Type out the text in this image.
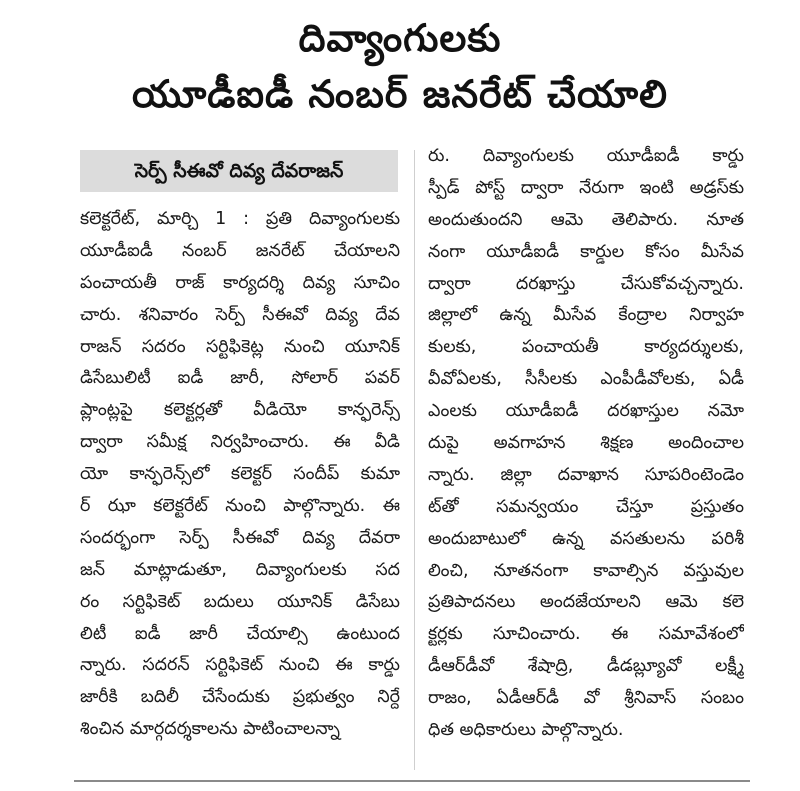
దివ్యాంగులకు
యూడీఐడీ నంబర్ జనరేట్ చేయాలి
సెర్ప్ సీఈవో దివ్య దేవరాజన్
కలెక్టరేట్, మార్చి 1 : ప్రతి దివ్యాంగులకు
యూడీఐడీ నంబర్ జనరేట్ చేయాలని
పంచాయతీ రాజ్ కార్యదర్శి దివ్య సూచిం
చారు. శనివారం సెర్ప్ సీఈవో దివ్య దేవ
రాజన్ సదరం సర్టిఫికెట్ల నుంచి యూనిక్
డిసేబులిటీ ఐడీ జారీ, సోలార్ పవర్
ప్లాంట్లపై కలెక్టర్లతో వీడియో కాన్ఫరెన్స్
ద్వారా సమీక్ష నిర్వహించారు. ఈ వీడి
యో కాన్ఫరెన్స్‌లో కలెక్టర్ సందీప్ కుమా
ర్ ఝా కలెక్టరేట్ నుంచి పాల్గొన్నారు. ఈ
సందర్భంగా సెర్ప్ సీఈవో దివ్య దేవరా
జన్ మాట్లాడుతూ, దివ్యాంగులకు సద
రం సర్టిఫికెట్ బదులు యూనిక్ డిసేబు
లిటీ ఐడీ జారీ చేయాల్సి ఉంటుంద
న్నారు. సదరన్ సర్టిఫికెట్ నుంచి ఈ కార్డు
జారీకి బదిలీ చేసేందుకు ప్రభుత్వం నిర్దే
శించిన మార్గదర్శకాలను పాటించాలన్నా
రు. దివ్యాంగులకు యూడీఐడీ కార్డు
స్పీడ్ పోస్ట్ ద్వారా నేరుగా ఇంటి అడ్రస్‌కు
అందుతుందని ఆమె తెలిపారు. నూత
నంగా యూడీఐడీ కార్డుల కోసం మీసేవ
ద్వారా దరఖాస్తు చేసుకోవచ్చన్నారు.
జిల్లాలో ఉన్న మీసేవ కేంద్రాల నిర్వాహ
కులకు, పంచాయతీ కార్యదర్శులకు,
వీవోఏలకు, సీసీలకు ఎంపీడీవోలకు, ఏడీ
ఎంలకు యూడీఐడీ దరఖాస్తుల నమో
దుపై అవగాహన శిక్షణ అందించాల
న్నారు. జిల్లా దవాఖాన సూపరింటెండెం
ట్‌తో సమన్వయం చేస్తూ ప్రస్తుతం
అందుబాటులో ఉన్న వసతులను పరిశీ
లించి, నూతనంగా కావాల్సిన వస్తువుల
ప్రతిపాదనలు అందజేయాలని ఆమె కలె
క్టర్లకు సూచించారు. ఈ సమావేశంలో
డీఆర్‌డీవో శేషాద్రి, డీడబ్ల్యూవో లక్ష్మీ
రాజం, ఏడీఆర్‌డీ వో శ్రీనివాస్ సంబం
ధిత అధికారులు పాల్గొన్నారు.
